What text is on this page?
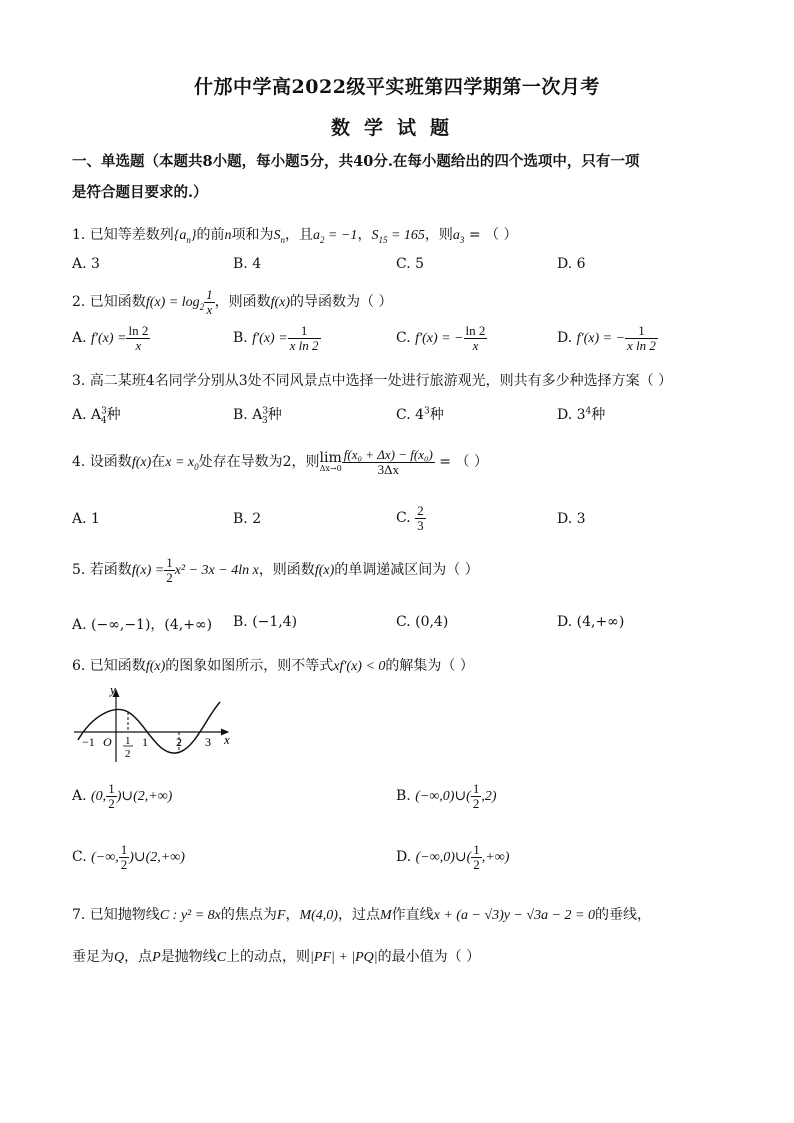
什邡中学高2022级平实班第四学期第一次月考
数学试题
一、单选题（本题共8小题，每小题5分，共40分.在每小题给出的四个选项中，只有一项
是符合题目要求的.）
1. 已知等差数列$\{a_n\}$的前n项和为$S_n$，且$a_2 = -1$，$S_{15} = 165$，则$a_3$ = （ ）
A. 3	B. 4	C. 5	D. 6
2. 已知函数$f(x) = \log_2 \frac{1}{x}$ ，则函数f(x)的导函数为（ ）
A. $f'(x) = \frac{\ln 2}{x}$	B. $f'(x) = \frac{1}{\text{x ln 2}}$	C. f′(x) = − $\frac{\ln 2}{x}$	D. f′(x) = − $\frac{1}{\text{x ln 2}}$
3. 高二某班4名同学分别从3处不同风景点中选择一处进行旅游观光，则共有多少种选择方案（ ）
A. $A^3_4$种	B. $A^3_3$种	C. $4^3$种	D. $3^4$种
4. 设函数f(x)在$x = x_0$处存在导数为2，则 lim
$\Delta x\to 0 \frac{\text{f(x₀ + Δx) − f(x₀)}}{3\Delta x}$ = （ ）
A. 1	B. 2	C. $\frac{2}{3}$	D. 3
5. 若函数$f(x) = \frac{1}{2} x^2 - 3x - 4\ln$ x，则函数f(x)的单调递减区间为（ ）
A. (−∞,−1)，(4,+∞) B. (−1,4)	C. (0,4)	D. (4,+∞)
6. 已知函数f(x)的图象如图所示，则不等式xf′(x) < 0的解集为（ ）
y
x
−1 O 1
2
1 2 3
A. (0, $\frac{1}{2}$ )∪(2,+∞)	B. (−∞,0)∪( $\frac{1}{2} ,2$)
C. (−∞, $\frac{1}{2}$ )∪(2,+∞)	D. (−∞,0)∪( $\frac{1}{2}$ ,+∞)
7. 已知抛物线C : y² = 8x的焦点为F，M(4,0)，过点M作直线x + (a − √3)y − √3a − 2 = 0的垂线，
垂足为Q，点P是抛物线C上的动点，则|PF| + |PQ|的最小值为（ ）
